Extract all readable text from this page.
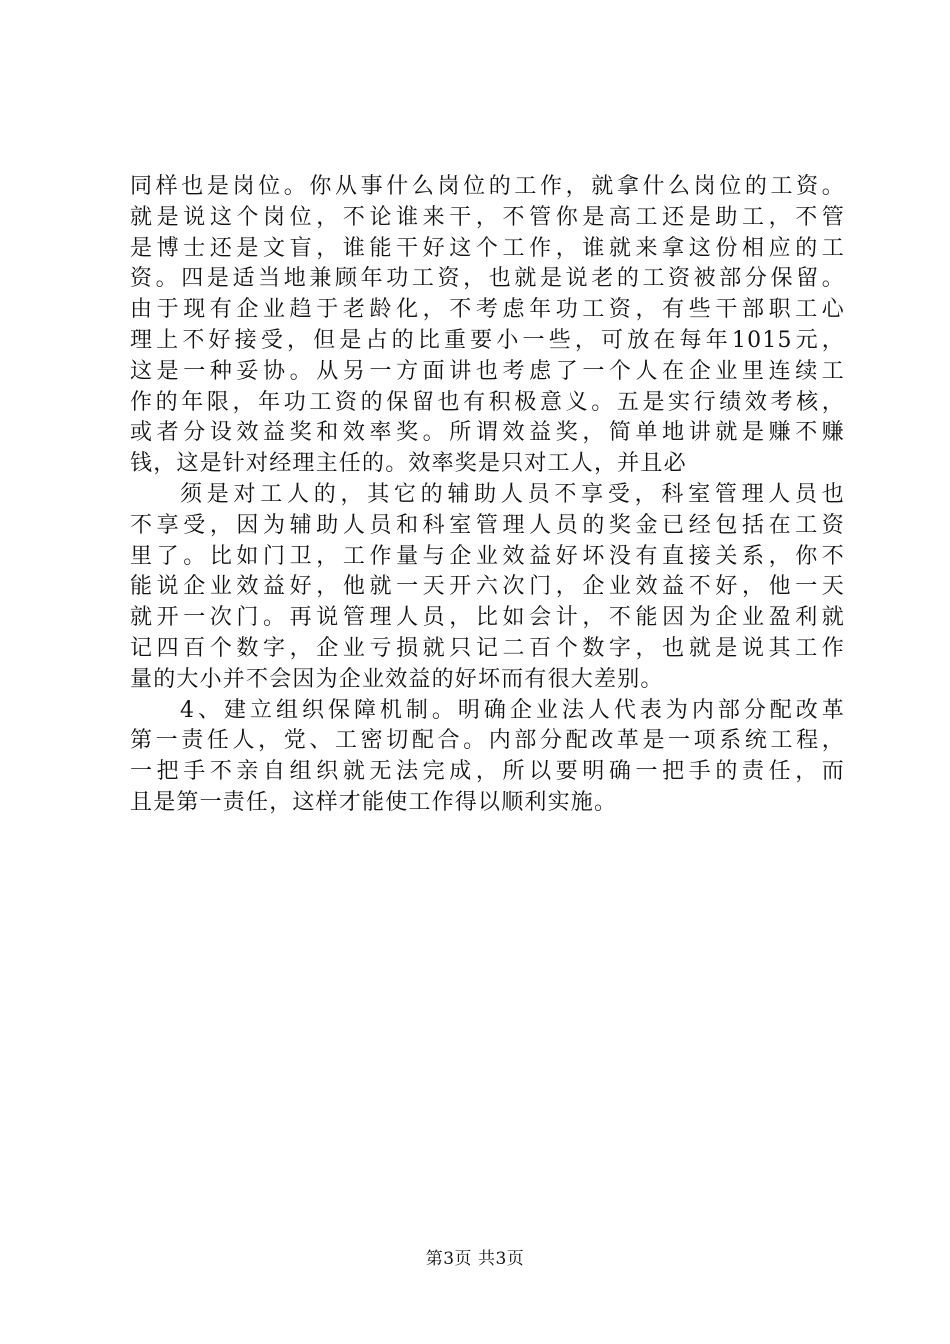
同样也是岗位。你从事什么岗位的工作，就拿什么岗位的工资。
就是说这个岗位，不论谁来干，不管你是高工还是助工，不管
是博士还是文盲，谁能干好这个工作，谁就来拿这份相应的工
资。四是适当地兼顾年功工资，也就是说老的工资被部分保留。
由于现有企业趋于老龄化，不考虑年功工资，有些干部职工心
理上不好接受，但是占的比重要小一些，可放在每年1015元，
这是一种妥协。从另一方面讲也考虑了一个人在企业里连续工
作的年限，年功工资的保留也有积极意义。五是实行绩效考核，
或者分设效益奖和效率奖。所谓效益奖，简单地讲就是赚不赚
钱，这是针对经理主任的。效率奖是只对工人，并且必
须是对工人的，其它的辅助人员不享受，科室管理人员也
不享受，因为辅助人员和科室管理人员的奖金已经包括在工资
里了。比如门卫，工作量与企业效益好坏没有直接关系，你不
能说企业效益好，他就一天开六次门，企业效益不好，他一天
就开一次门。再说管理人员，比如会计，不能因为企业盈利就
记四百个数字，企业亏损就只记二百个数字，也就是说其工作
量的大小并不会因为企业效益的好坏而有很大差别。
4、建立组织保障机制。明确企业法人代表为内部分配改革
第一责任人，党、工密切配合。内部分配改革是一项系统工程，
一把手不亲自组织就无法完成，所以要明确一把手的责任，而
且是第一责任，这样才能使工作得以顺利实施。
第3页 共3页
